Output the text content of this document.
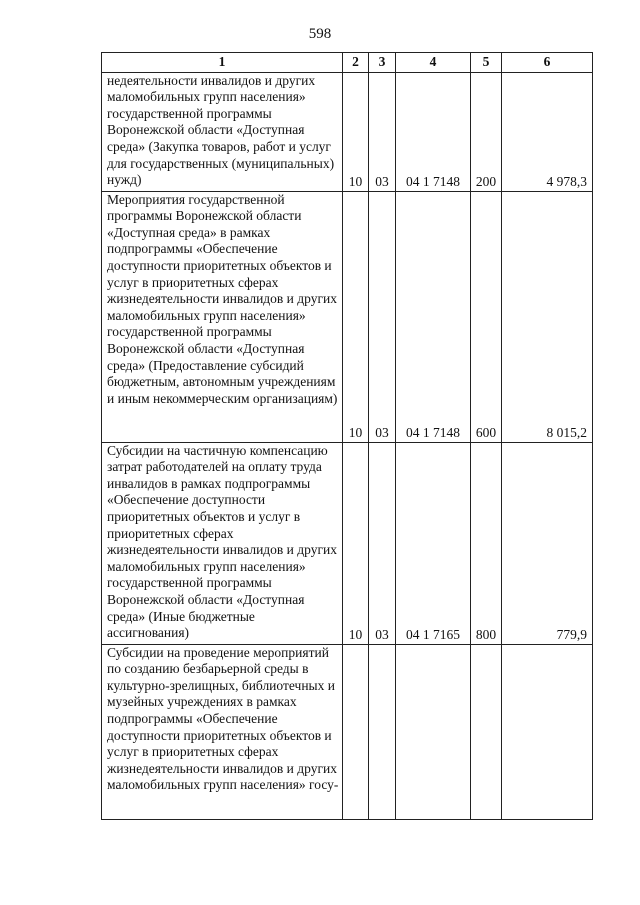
598
1	2	3	4	5	6
недеятельности инвалидов и других маломобильных групп населения» государственной программы Воронежской области «Доступная среда» (Закупка товаров, работ и услуг для государственных (муниципальных) нужд)	10	03	04 1 7148	200	4 978,3
Мероприятия государственной программы Воронежской области «Доступная среда» в рамках подпрограммы «Обеспечение доступности приоритетных объектов и услуг в приоритетных сферах жизнедеятельности инвалидов и других маломобильных групп населения» государственной программы Воронежской области «Доступная среда» (Предоставление субсидий бюджетным, автономным учреждениям и иным некоммерческим организациям)	10	03	04 1 7148	600	8 015,2
Субсидии на частичную компенсацию затрат работодателей на оплату труда инвалидов в рамках подпрограммы «Обеспечение доступности приоритетных объектов и услуг в приоритетных сферах жизнедеятельности инвалидов и других маломобильных групп населения» государственной программы Воронежской области «Доступная среда» (Иные бюджетные ассигнования)	10	03	04 1 7165	800	779,9
Субсидии на проведение мероприятий по созданию безбарьерной среды в культурно-зрелищных, библиотечных и музейных учреждениях в рамках подпрограммы «Обеспечение доступности приоритетных объектов и услуг в приоритетных сферах жизнедеятельности инвалидов и других маломобильных групп населения» госу-					
